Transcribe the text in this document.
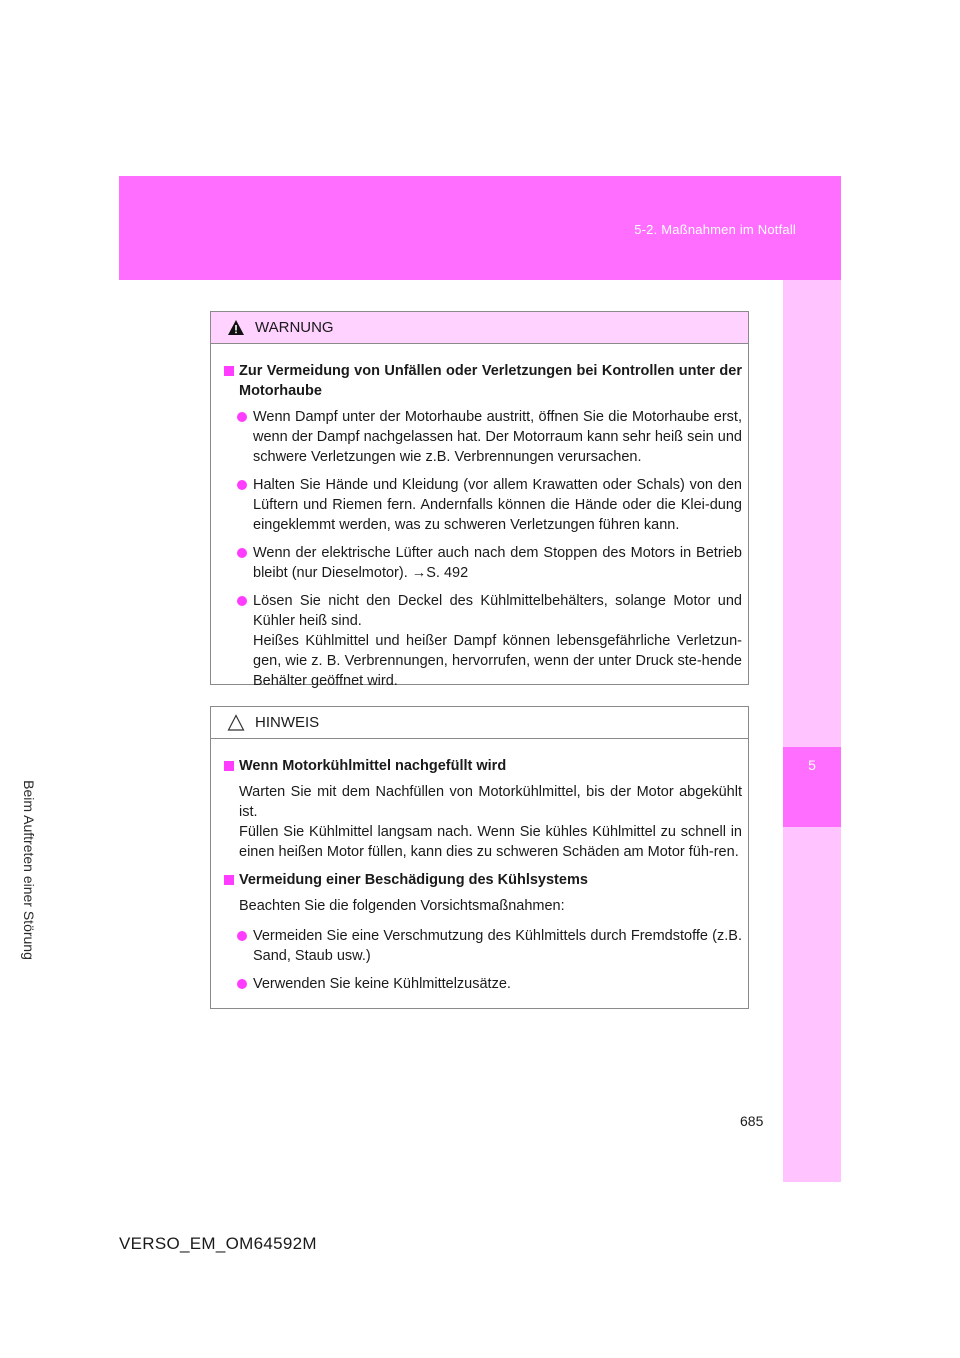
5-2. Maßnahmen im Notfall
5
Beim Auftreten einer Störung
WARNUNG
Zur Vermeidung von Unfällen oder Verletzungen bei Kontrollen unter der Motorhaube
Wenn Dampf unter der Motorhaube austritt, öffnen Sie die Motorhaube erst, wenn der Dampf nachgelassen hat. Der Motorraum kann sehr heiß sein und schwere Verletzungen wie z.B. Verbrennungen verursachen.
Halten Sie Hände und Kleidung (vor allem Krawatten oder Schals) von den Lüftern und Riemen fern. Andernfalls können die Hände oder die Klei-dung eingeklemmt werden, was zu schweren Verletzungen führen kann.
Wenn der elektrische Lüfter auch nach dem Stoppen des Motors in Betrieb bleibt (nur Dieselmotor). →S. 492
Lösen Sie nicht den Deckel des Kühlmittelbehälters, solange Motor und Kühler heiß sind.
Heißes Kühlmittel und heißer Dampf können lebensgefährliche Verletzun-gen, wie z. B. Verbrennungen, hervorrufen, wenn der unter Druck ste-hende Behälter geöffnet wird.
HINWEIS
Wenn Motorkühlmittel nachgefüllt wird
Warten Sie mit dem Nachfüllen von Motorkühlmittel, bis der Motor abgekühlt ist.
Füllen Sie Kühlmittel langsam nach. Wenn Sie kühles Kühlmittel zu schnell in einen heißen Motor füllen, kann dies zu schweren Schäden am Motor füh-ren.
Vermeidung einer Beschädigung des Kühlsystems
Beachten Sie die folgenden Vorsichtsmaßnahmen:
Vermeiden Sie eine Verschmutzung des Kühlmittels durch Fremdstoffe (z.B. Sand, Staub usw.)
Verwenden Sie keine Kühlmittelzusätze.
685
VERSO_EM_OM64592M
